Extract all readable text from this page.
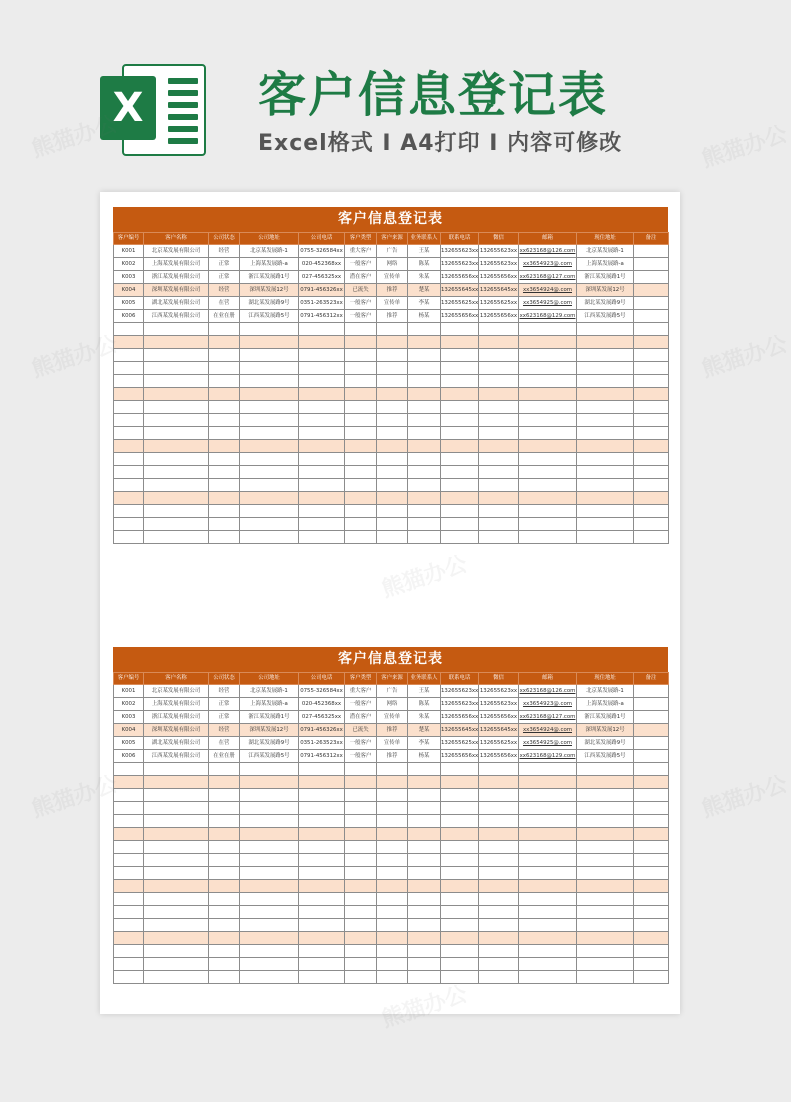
X 客户信息登记表

Excel格式 I A4打印 I 内容可修改

客户信息登记表
客户编号	客户名称	公司状态	公司地址	公司电话	客户类型	客户来源	业务联系人	联系电话	微信	邮箱	现住地址	备注
K001	北京某发展有限公司	经营	北京某发展路-1	0755-326584xx	重大客户	广告	王某	132655623xx	132655623xx	xx623168@126.com	北京某发展路-1	
K002	上海某发展有限公司	正常	上海某发展路-a	020-452368xx	一般客户	网络	陈某	132655623xx	132655623xx	xx3654923@.com	上海某发展路-a	
K003	浙江某发展有限公司	正常	浙江某发展路1号	027-456325xx	潜在客户	宣传单	朱某	132655656xx	132655656xx	xx623168@127.com	浙江某发展路1号	
K004	深圳某发展有限公司	经营	深圳某发展12号	0791-456326xx	已流失	推荐	楚某	132655645xx	132655645xx	xx3654924@.com	深圳某发展12号	
K005	湖北某发展有限公司	在营	湖北某发展路9号	0351-263523xx	一般客户	宣传单	李某	132655625xx	132655625xx	xx3654925@.com	湖北某发展路9号	
K006	江西某发展有限公司	在业在册	江西某发展路5号	0791-456312xx	一般客户	推荐	杨某	132655656xx	132655656xx	xx623168@129.com	江西某发展路5号	

客户信息登记表
客户编号	客户名称	公司状态	公司地址	公司电话	客户类型	客户来源	业务联系人	联系电话	微信	邮箱	现住地址	备注
K001	北京某发展有限公司	经营	北京某发展路-1	0755-326584xx	重大客户	广告	王某	132655623xx	132655623xx	xx623168@126.com	北京某发展路-1	
K002	上海某发展有限公司	正常	上海某发展路-a	020-452368xx	一般客户	网络	陈某	132655623xx	132655623xx	xx3654923@.com	上海某发展路-a	
K003	浙江某发展有限公司	正常	浙江某发展路1号	027-456325xx	潜在客户	宣传单	朱某	132655656xx	132655656xx	xx623168@127.com	浙江某发展路1号	
K004	深圳某发展有限公司	经营	深圳某发展12号	0791-456326xx	已流失	推荐	楚某	132655645xx	132655645xx	xx3654924@.com	深圳某发展12号	
K005	湖北某发展有限公司	在营	湖北某发展路9号	0351-263523xx	一般客户	宣传单	李某	132655625xx	132655625xx	xx3654925@.com	湖北某发展路9号	
K006	江西某发展有限公司	在业在册	江西某发展路5号	0791-456312xx	一般客户	推荐	杨某	132655656xx	132655656xx	xx623168@129.com	江西某发展路5号	

熊猫办公	熊猫办公
熊猫办公	熊猫办公
熊猫办公	熊猫办公
